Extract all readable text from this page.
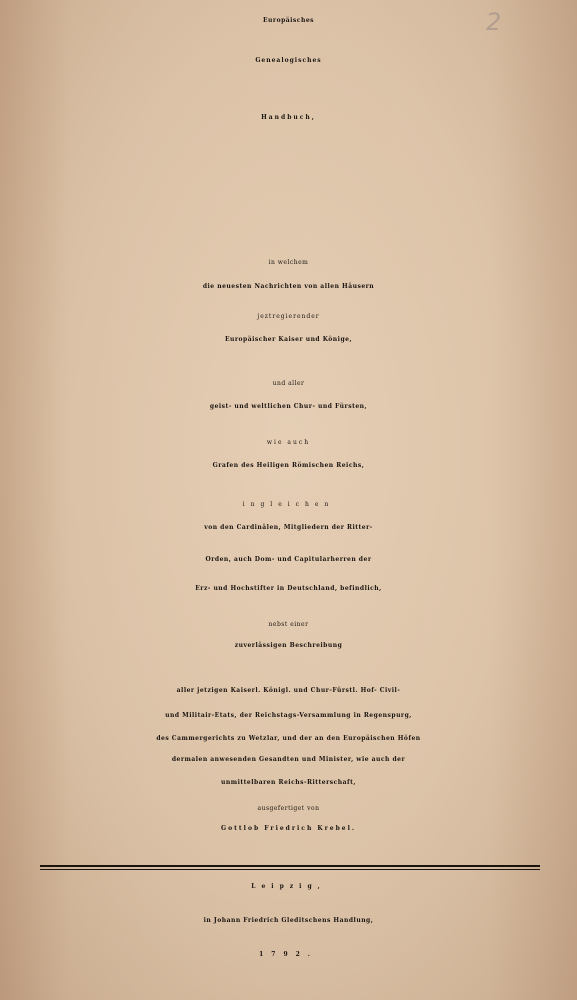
2
Europäisches
Genealogisches
Handbuch,
in welchem
die neuesten Nachrichten von allen Häusern
jeztregierender
Europäischer Kaiser und Könige,
und aller
geist- und weltlichen Chur- und Fürsten,
wie auch
Grafen des Heiligen Römischen Reichs,
ingleichen
von den Cardinälen, Mitgliedern der Ritter-
Orden, auch Dom- und Capitularherren der
Erz- und Hochstifter in Deutschland, befindlich,
nebst einer
zuverlässigen Beschreibung
aller jetzigen Kaiserl. Königl. und Chur-Fürstl. Hof- Civil-
und Militair-Etats, der Reichstags-Versammlung in Regenspurg,
des Cammergerichts zu Wetzlar, und der an den Europäischen Höfen
dermalen anwesenden Gesandten und Minister, wie auch der
unmittelbaren Reichs-Ritterschaft,
ausgefertiget von
Gottlob Friedrich Krebel.
Leipzig,
in Johann Friedrich Gleditschens Handlung,
1792.
